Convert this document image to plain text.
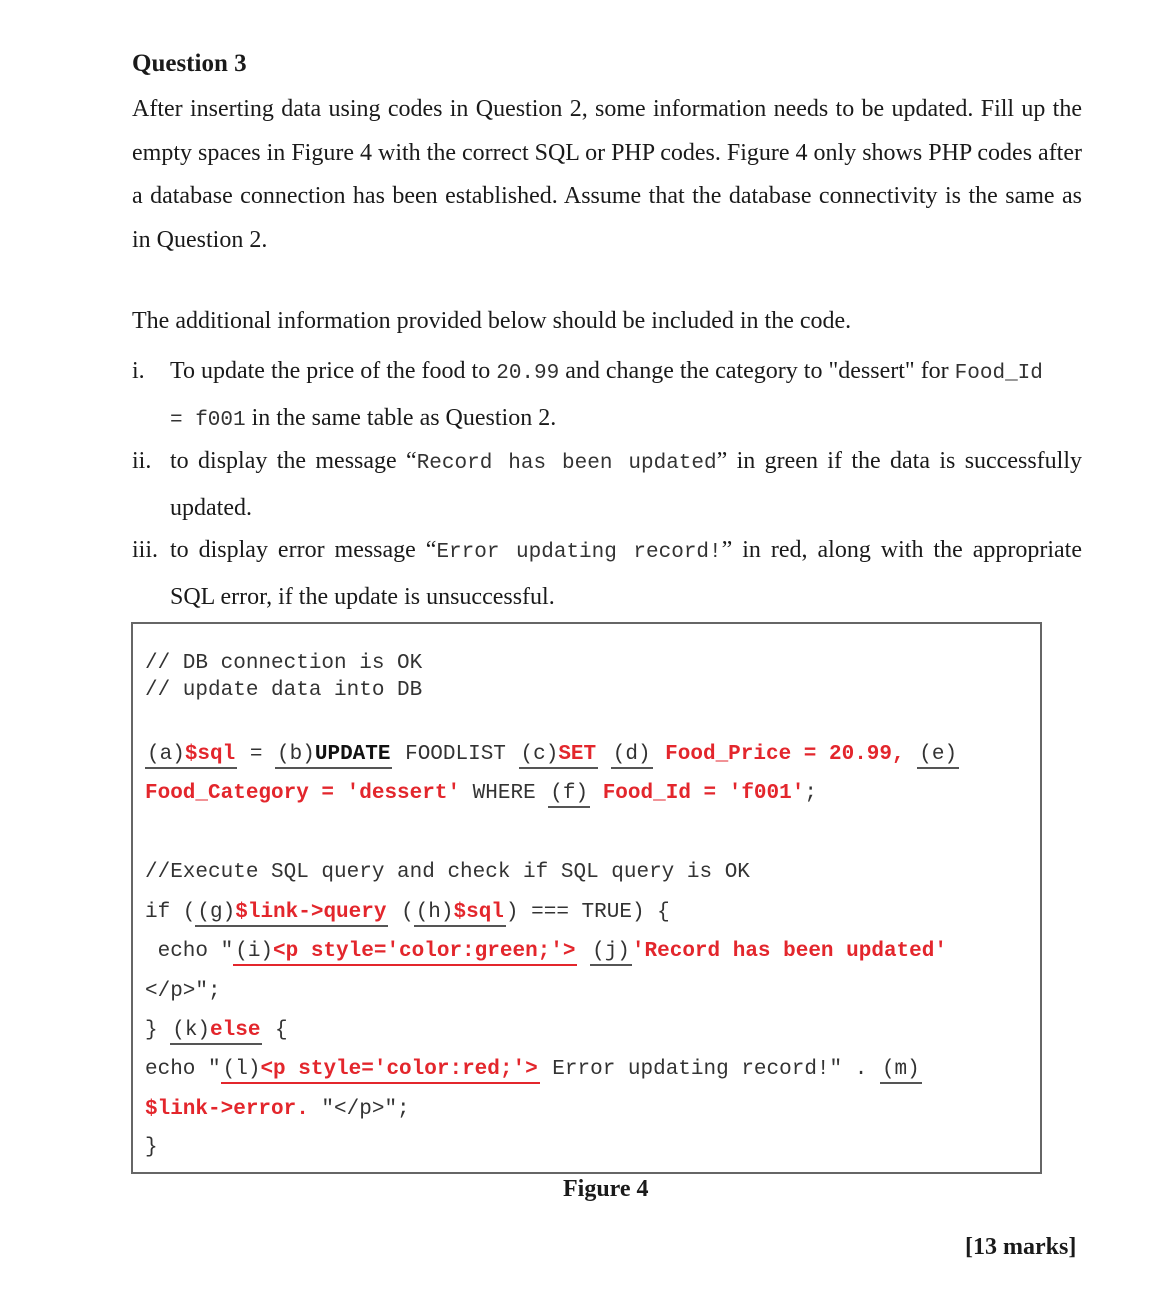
Question 3
After inserting data using codes in Question 2, some information needs to be updated. Fill up the empty spaces in Figure 4 with the correct SQL or PHP codes. Figure 4 only shows PHP codes after a database connection has been established. Assume that the database connectivity is the same as in Question 2.
The additional information provided below should be included in the code.
i. To update the price of the food to 20.99 and change the category to "dessert" for Food_Id
= f001 in the same table as Question 2.
ii. to display the message “Record has been updated” in green if the data is successfully updated.
iii. to display error message “Error updating record!” in red, along with the appropriate SQL error, if the update is unsuccessful.
// DB connection is OK
// update data into DB
(a)$sql = (b)UPDATE FOODLIST (c)SET (d) Food_Price = 20.99, (e)
Food_Category = 'dessert' WHERE (f) Food_Id = 'f001';
//Execute SQL query and check if SQL query is OK
if ((g)$link->query ((h)$sql) === TRUE) {
echo "(i)<p style='color:green;'> (j)'Record has been updated'
</p>";
} (k)else {
echo "(l)<p style='color:red;'> Error updating record!" . (m)
$link->error. "</p>";
}
Figure 4
[13 marks]
